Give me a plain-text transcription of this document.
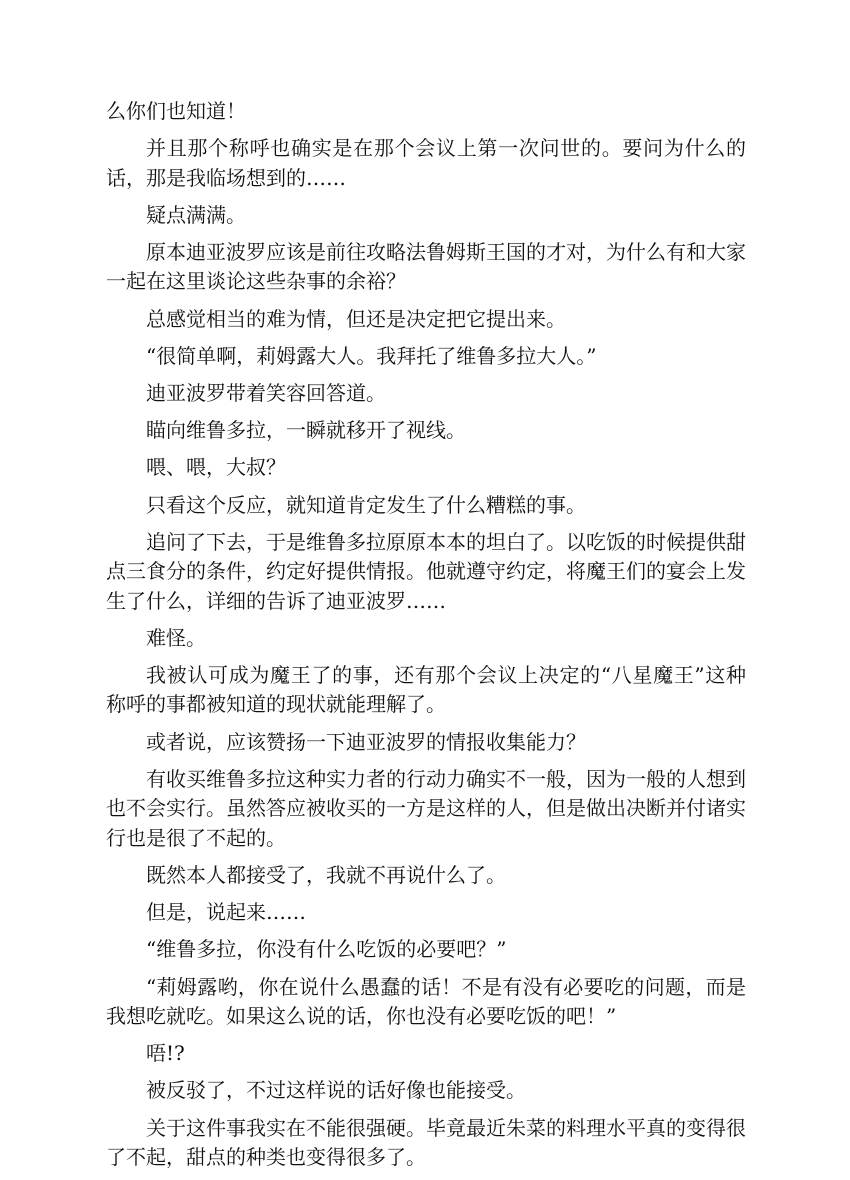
么你们也知道！

并且那个称呼也确实是在那个会议上第一次问世的。要问为什么的话，那是我临场想到的……

疑点满满。

原本迪亚波罗应该是前往攻略法鲁姆斯王国的才对，为什么有和大家一起在这里谈论这些杂事的余裕？

总感觉相当的难为情，但还是决定把它提出来。

“很简单啊，莉姆露大人。我拜托了维鲁多拉大人。”

迪亚波罗带着笑容回答道。

瞄向维鲁多拉，一瞬就移开了视线。

喂、喂，大叔？

只看这个反应，就知道肯定发生了什么糟糕的事。

追问了下去，于是维鲁多拉原原本本的坦白了。以吃饭的时候提供甜点三食分的条件，约定好提供情报。他就遵守约定，将魔王们的宴会上发生了什么，详细的告诉了迪亚波罗……

难怪。

我被认可成为魔王了的事，还有那个会议上决定的“八星魔王”这种称呼的事都被知道的现状就能理解了。

或者说，应该赞扬一下迪亚波罗的情报收集能力？

有收买维鲁多拉这种实力者的行动力确实不一般，因为一般的人想到也不会实行。虽然答应被收买的一方是这样的人，但是做出决断并付诸实行也是很了不起的。

既然本人都接受了，我就不再说什么了。

但是，说起来……

“维鲁多拉，你没有什么吃饭的必要吧？”

“莉姆露哟，你在说什么愚蠢的话！不是有没有必要吃的问题，而是我想吃就吃。如果这么说的话，你也没有必要吃饭的吧！”

唔!?

被反驳了，不过这样说的话好像也能接受。

关于这件事我实在不能很强硬。毕竟最近朱菜的料理水平真的变得很了不起，甜点的种类也变得很多了。
